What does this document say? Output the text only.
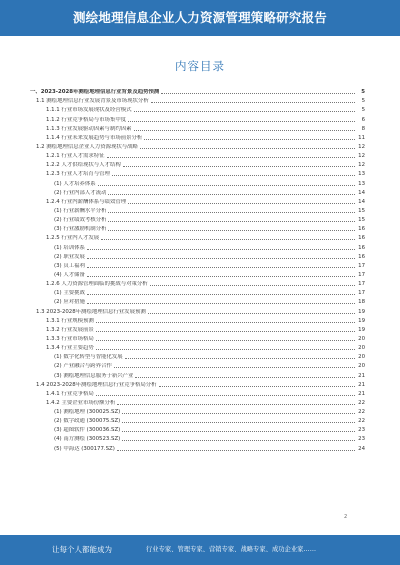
测绘地理信息企业人力资源管理策略研究报告
内容目录
一、2023-2028年测绘地理信息行业背景及趋势预测	5
1.1 测绘地理信息行业发展背景及市场现状分析	5
1.1.1 行业市场发展现状及经营模式	5
1.1.2 行业竞争格局与市场集中度	6
1.1.3 行业发展驱动因素与制约因素	8
1.1.4 行业未来发展趋势与市场前景分析	11
1.2 测绘地理信息企业人力资源现状与战略	12
1.2.1 行业人才需求特征	12
1.2.2 人才供给现状与人才结构	12
1.2.3 行业人才培育与管理	13
(1) 人才培养体系	13
(2) 行业内部人才流动	14
1.2.4 行业内薪酬体系与绩效管理	14
(1) 行业薪酬水平分析	15
(2) 行业绩效考核分析	15
(3) 行业激励机制分析	16
1.2.5 行业内人才发展	16
(1) 培训体系	16
(2) 职业发展	16
(3) 员工福利	17
(4) 人才储备	17
1.2.6 人力资源管理面临的挑战与对策分析	17
(1) 主要挑战	17
(2) 应对措施	18
1.3 2023-2028年测绘地理信息行业发展预测	19
1.3.1 行业规模预测	19
1.3.2 行业发展前景	19
1.3.3 行业市场格局	20
1.3.4 行业主要趋势	20
(1) 数字化转型与智能化发展	20
(2) 产业融合与跨界合作	20
(3) 测绘地理信息服务于新兴产业	21
1.4 2023-2028年测绘地理信息行业竞争格局分析	21
1.4.1 行业竞争格局	21
1.4.2 主要企业市场份额分析	22
(1) 测绘地理 (300025.SZ)	22
(2) 数字政通 (300075.SZ)	22
(3) 超图软件 (300036.SZ)	23
(4) 南方测绘 (300523.SZ)	23
(5) 中海达 (300177.SZ)	24
2
让每个人都能成为	行业专家、管理专家、营销专家、战略专家、成功企业家……
